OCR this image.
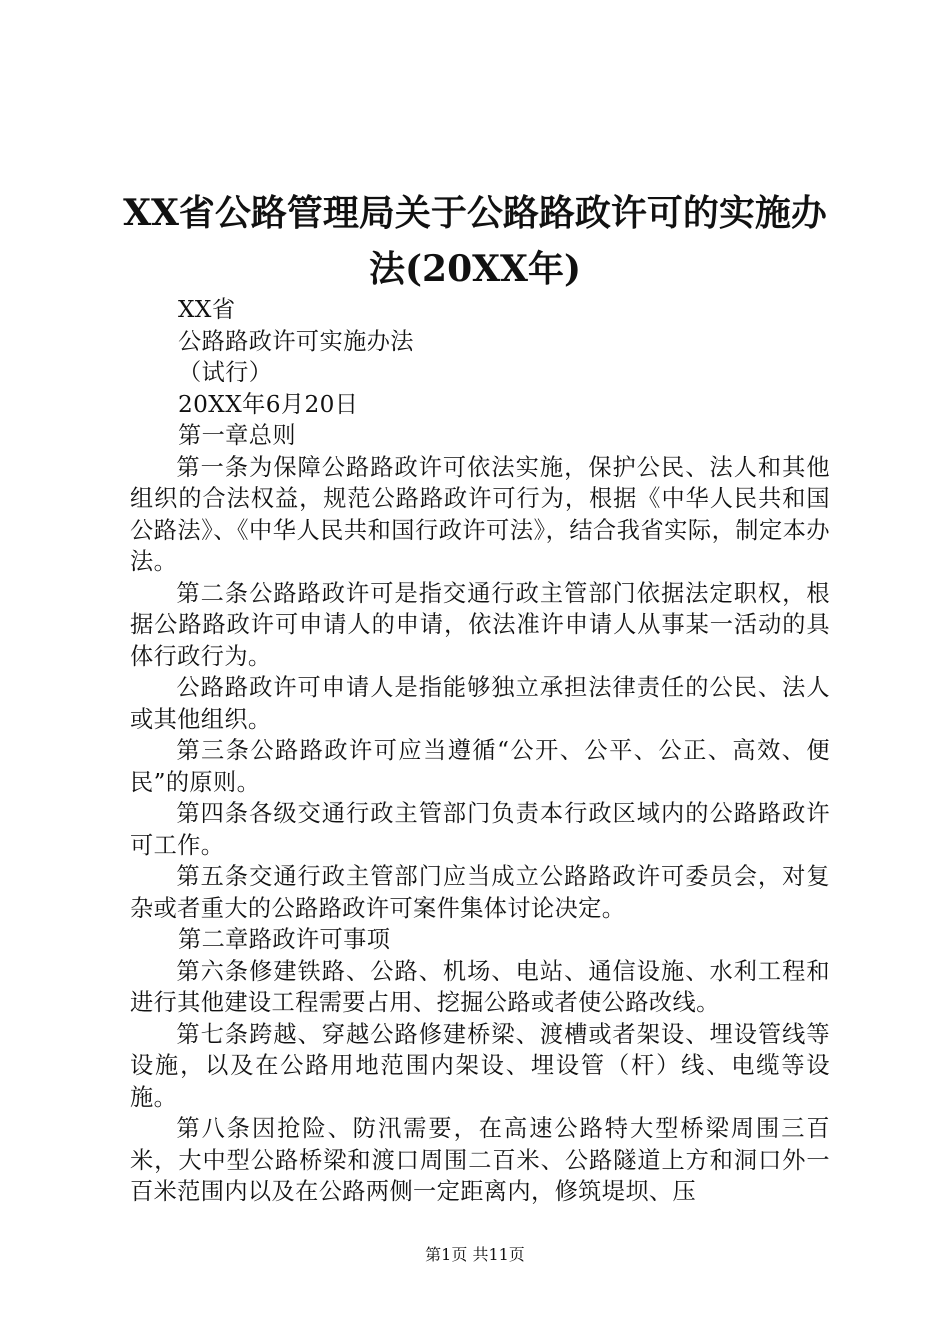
XX省公路管理局关于公路路政许可的实施办
法(20XX年)

XX省

公路路政许可实施办法

（试行）

20XX年6月20日

第一章总则

第一条为保障公路路政许可依法实施，保护公民、法人和其他组织的合法权益，规范公路路政许可行为，根据《中华人民共和国公路法》、《中华人民共和国行政许可法》，结合我省实际，制定本办法。

第二条公路路政许可是指交通行政主管部门依据法定职权，根据公路路政许可申请人的申请，依法准许申请人从事某一活动的具体行政行为。

公路路政许可申请人是指能够独立承担法律责任的公民、法人或其他组织。

第三条公路路政许可应当遵循“公开、公平、公正、高效、便民”的原则。

第四条各级交通行政主管部门负责本行政区域内的公路路政许可工作。

第五条交通行政主管部门应当成立公路路政许可委员会，对复杂或者重大的公路路政许可案件集体讨论决定。

第二章路政许可事项

第六条修建铁路、公路、机场、电站、通信设施、水利工程和进行其他建设工程需要占用、挖掘公路或者使公路改线。

第七条跨越、穿越公路修建桥梁、渡槽或者架设、埋设管线等设施，以及在公路用地范围内架设、埋设管（杆）线、电缆等设施。

第八条因抢险、防汛需要，在高速公路特大型桥梁周围三百米，大中型公路桥梁和渡口周围二百米、公路隧道上方和洞口外一百米范围内以及在公路两侧一定距离内，修筑堤坝、压

第1页 共11页
